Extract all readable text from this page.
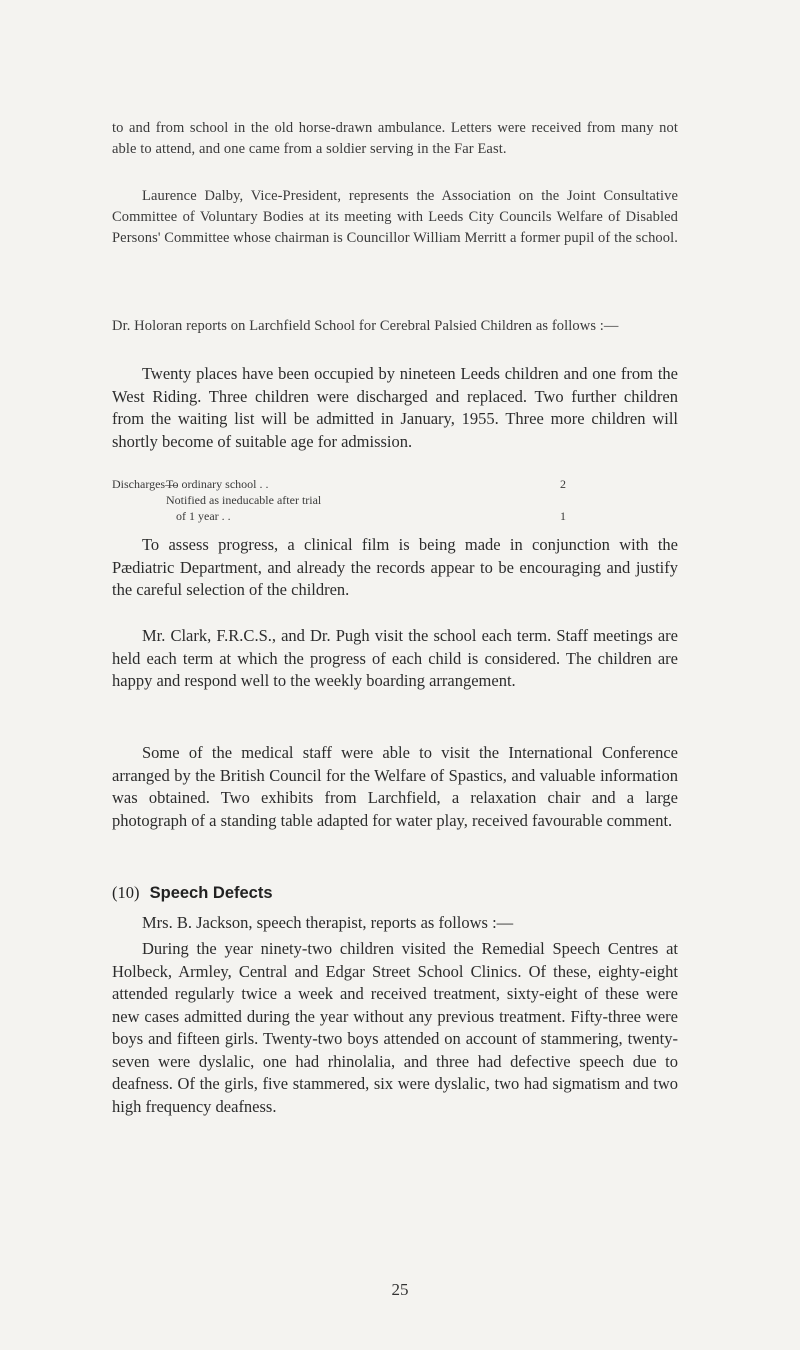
to and from school in the old horse-drawn ambulance. Letters were received from many not able to attend, and one came from a soldier serving in the Far East.

Laurence Dalby, Vice-President, represents the Association on the Joint Consultative Committee of Voluntary Bodies at its meeting with Leeds City Councils Welfare of Disabled Persons' Committee whose chairman is Councillor William Merritt a former pupil of the school.

Dr. Holoran reports on Larchfield School for Cerebral Palsied Children as follows :—

Twenty places have been occupied by nineteen Leeds children and one from the West Riding. Three children were discharged and replaced. Two further children from the waiting list will be admitted in January, 1955. Three more children will shortly become of suitable age for admission.

Discharges—
To ordinary school . .	2
Notified as ineducable after trial
of 1 year . .	1

To assess progress, a clinical film is being made in conjunction with the Pædiatric Department, and already the records appear to be encouraging and justify the careful selection of the children.

Mr. Clark, F.R.C.S., and Dr. Pugh visit the school each term. Staff meetings are held each term at which the progress of each child is considered. The children are happy and respond well to the weekly boarding arrangement.

Some of the medical staff were able to visit the International Conference arranged by the British Council for the Welfare of Spastics, and valuable information was obtained. Two exhibits from Larchfield, a relaxation chair and a large photograph of a standing table adapted for water play, received favourable comment.

(10) Speech Defects

Mrs. B. Jackson, speech therapist, reports as follows :—

During the year ninety-two children visited the Remedial Speech Centres at Holbeck, Armley, Central and Edgar Street School Clinics. Of these, eighty-eight attended regularly twice a week and received treatment, sixty-eight of these were new cases admitted during the year without any previous treatment. Fifty-three were boys and fifteen girls. Twenty-two boys attended on account of stammering, twenty-seven were dyslalic, one had rhinolalia, and three had defective speech due to deafness. Of the girls, five stammered, six were dyslalic, two had sigmatism and two high frequency deafness.

25
